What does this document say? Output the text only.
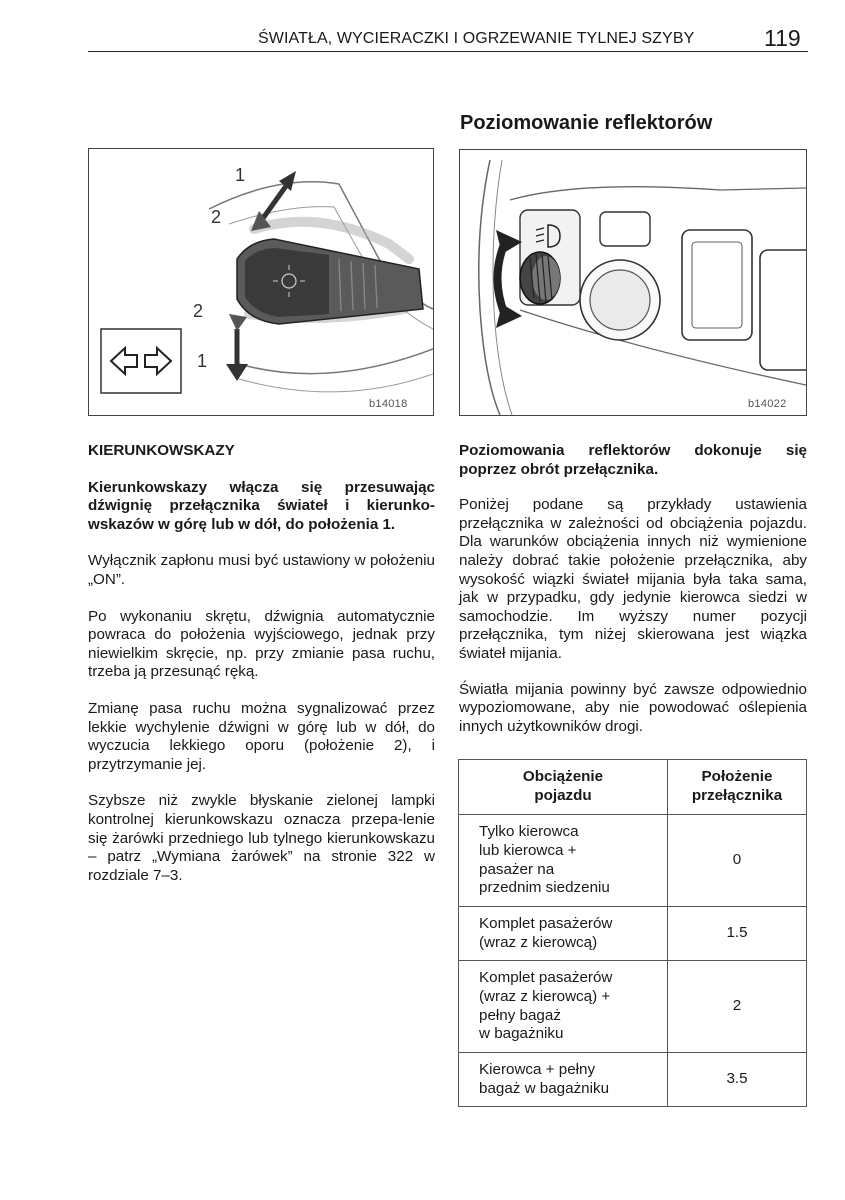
ŚWIATŁA, WYCIERACZKI I OGRZEWANIE TYLNEJ SZYBY	119
Poziomowanie reflektorów
1
2
2
1
b14018	b14022

KIERUNKOWSKAZY

Kierunkowskazy włącza się przesuwając dźwignię przełącznika świateł i kierunko-wskazów w górę lub w dół, do położenia 1.

Wyłącznik zapłonu musi być ustawiony w położeniu „ON”.

Po wykonaniu skrętu, dźwignia automatycznie powraca do położenia wyjściowego, jednak przy niewielkim skręcie, np. przy zmianie pasa ruchu, trzeba ją przesunąć ręką.

Zmianę pasa ruchu można sygnalizować przez lekkie wychylenie dźwigni w górę lub w dół, do wyczucia lekkiego oporu (położenie 2), i przytrzymanie jej.

Szybsze niż zwykle błyskanie zielonej lampki kontrolnej kierunkowskazu oznacza przepa-lenie się żarówki przedniego lub tylnego kierunkowskazu – patrz „Wymiana żarówek” na stronie 322 w rozdziale 7–3.

Poziomowania reflektorów dokonuje się poprzez obrót przełącznika.

Poniżej podane są przykłady ustawienia przełącznika w zależności od obciążenia pojazdu. Dla warunków obciążenia innych niż wymienione należy dobrać takie położenie przełącznika, aby wysokość wiązki świateł mijania była taka sama, jak w przypadku, gdy jedynie kierowca siedzi w samochodzie. Im wyższy numer pozycji przełącznika, tym niżej skierowana jest wiązka świateł mijania.

Światła mijania powinny być zawsze odpowiednio wypoziomowane, aby nie powodować oślepienia innych użytkowników drogi.

Obciążenie
pojazdu	Położenie
przełącznika
Tylko kierowca
lub kierowca +
pasażer na
przednim siedzeniu	0
Komplet pasażerów
(wraz z kierowcą)	1.5
Komplet pasażerów
(wraz z kierowcą) +
pełny bagaż
w bagażniku	2
Kierowca + pełny
bagaż w bagażniku	3.5
